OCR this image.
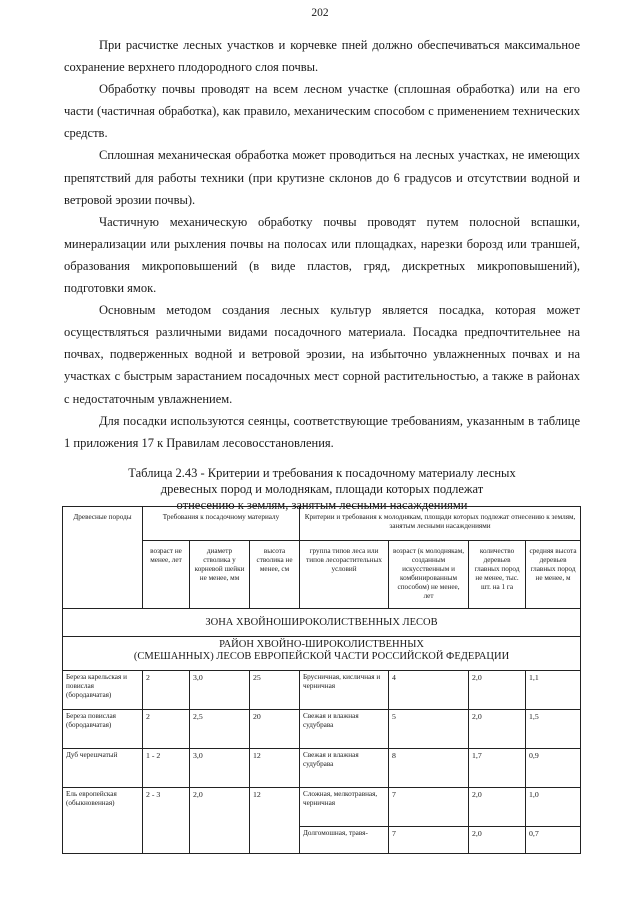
202

При расчистке лесных участков и корчевке пней должно обеспечиваться максимальное сохранение верхнего плодородного слоя почвы.

Обработку почвы проводят на всем лесном участке (сплошная обработка) или на его части (частичная обработка), как правило, механическим способом с применением технических средств.

Сплошная механическая обработка может проводиться на лесных участках, не имеющих препятствий для работы техники (при крутизне склонов до 6 градусов и отсутствии водной и ветровой эрозии почвы).

Частичную механическую обработку почвы проводят путем полосной вспашки, минерализации или рыхления почвы на полосах или площадках, нарезки борозд или траншей, образования микроповышений (в виде пластов, гряд, дискретных микроповышений), подготовки ямок.

Основным методом создания лесных культур является посадка, которая может осуществляться различными видами посадочного материала. Посадка предпочтительнее на почвах, подверженных водной и ветровой эрозии, на избыточно увлажненных почвах и на участках с быстрым зарастанием посадочных мест сорной растительностью, а также в районах с недостаточным увлажнением.

Для посадки используются сеянцы, соответствующие требованиям, указанным в таблице 1 приложения 17 к Правилам лесовосстановления.

Таблица 2.43 - Критерии и требования к посадочному материалу лесных
древесных пород и молоднякам, площади которых подлежат
отнесению к землям, занятым лесными насаждениями
Древесные породы	Требования к посадочному материалу			Критерии и требования к молоднякам, площади которых подлежат отнесению к землям, занятым лесными насаждениями			
	возраст не менее, лет	диаметр стволика у корневой шейки не менее, мм	высота стволика не менее, см	группа типов леса или типов лесорастительных условий	возраст (к молоднякам, созданным искусственным и комбинированным способом) не менее, лет	количество деревьев главных пород не менее, тыс. шт. на 1 га	средняя высота деревьев главных пород не менее, м
ЗОНА ХВОЙНОШИРОКОЛИСТВЕННЫХ ЛЕСОВ							

РАЙОН ХВОЙНО-ШИРОКОЛИСТВЕННЫХ
(СМЕШАННЫХ) ЛЕСОВ ЕВРОПЕЙСКОЙ ЧАСТИ РОССИЙСКОЙ ФЕДЕРАЦИИ							

Береза карельская и повислая (бородавчатая)	2	3,0	25	Брусничная, кисличная и черничная	4	2,0	1,1
Береза повислая (бородавчатая)	2	2,5	20	Свежая и влажная судубрава	5	2,0	1,5
Дуб черешчатый	1 - 2	3,0	12	Свежая и влажная судубрава	8	1,7	0,9
Ель европейская (обыкновенная)	2 - 3	2,0	12	Сложная, мелкотравная, черничная	7	2,0	1,0
				Долгомошная, травя-	7	2,0	0,7
